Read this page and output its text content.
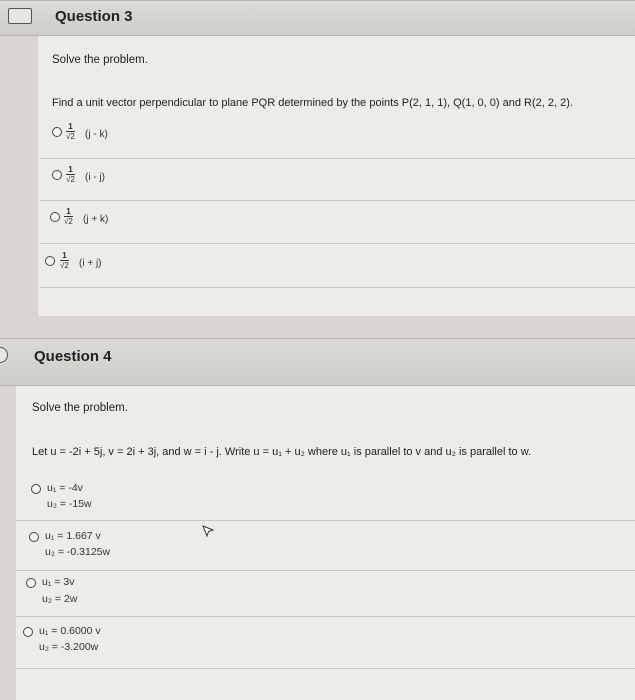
Question 3
Solve the problem.
Find a unit vector perpendicular to plane PQR determined by the points P(2, 1, 1), Q(1, 0, 0) and R(2, 2, 2).
$\frac{1}{√2} (j - k)$
$\frac{1}{√2} (i - j)$
$\frac{1}{√2} (j + k)$
$\frac{1}{√2} (i + j)$
Question 4
Solve the problem.
Let u = -2i + 5j, v = 2i + 3j, and w = i - j. Write u = u₁ + u₂ where u₁ is parallel to v and u₂ is parallel to w.
u₁ = -4v
u₂ = -15w
u₁ = 1.667 v
u₂ = -0.3125w
u₁ = 3v
u₂ = 2w
u₁ = 0.6000 v
u₂ = -3.200w
